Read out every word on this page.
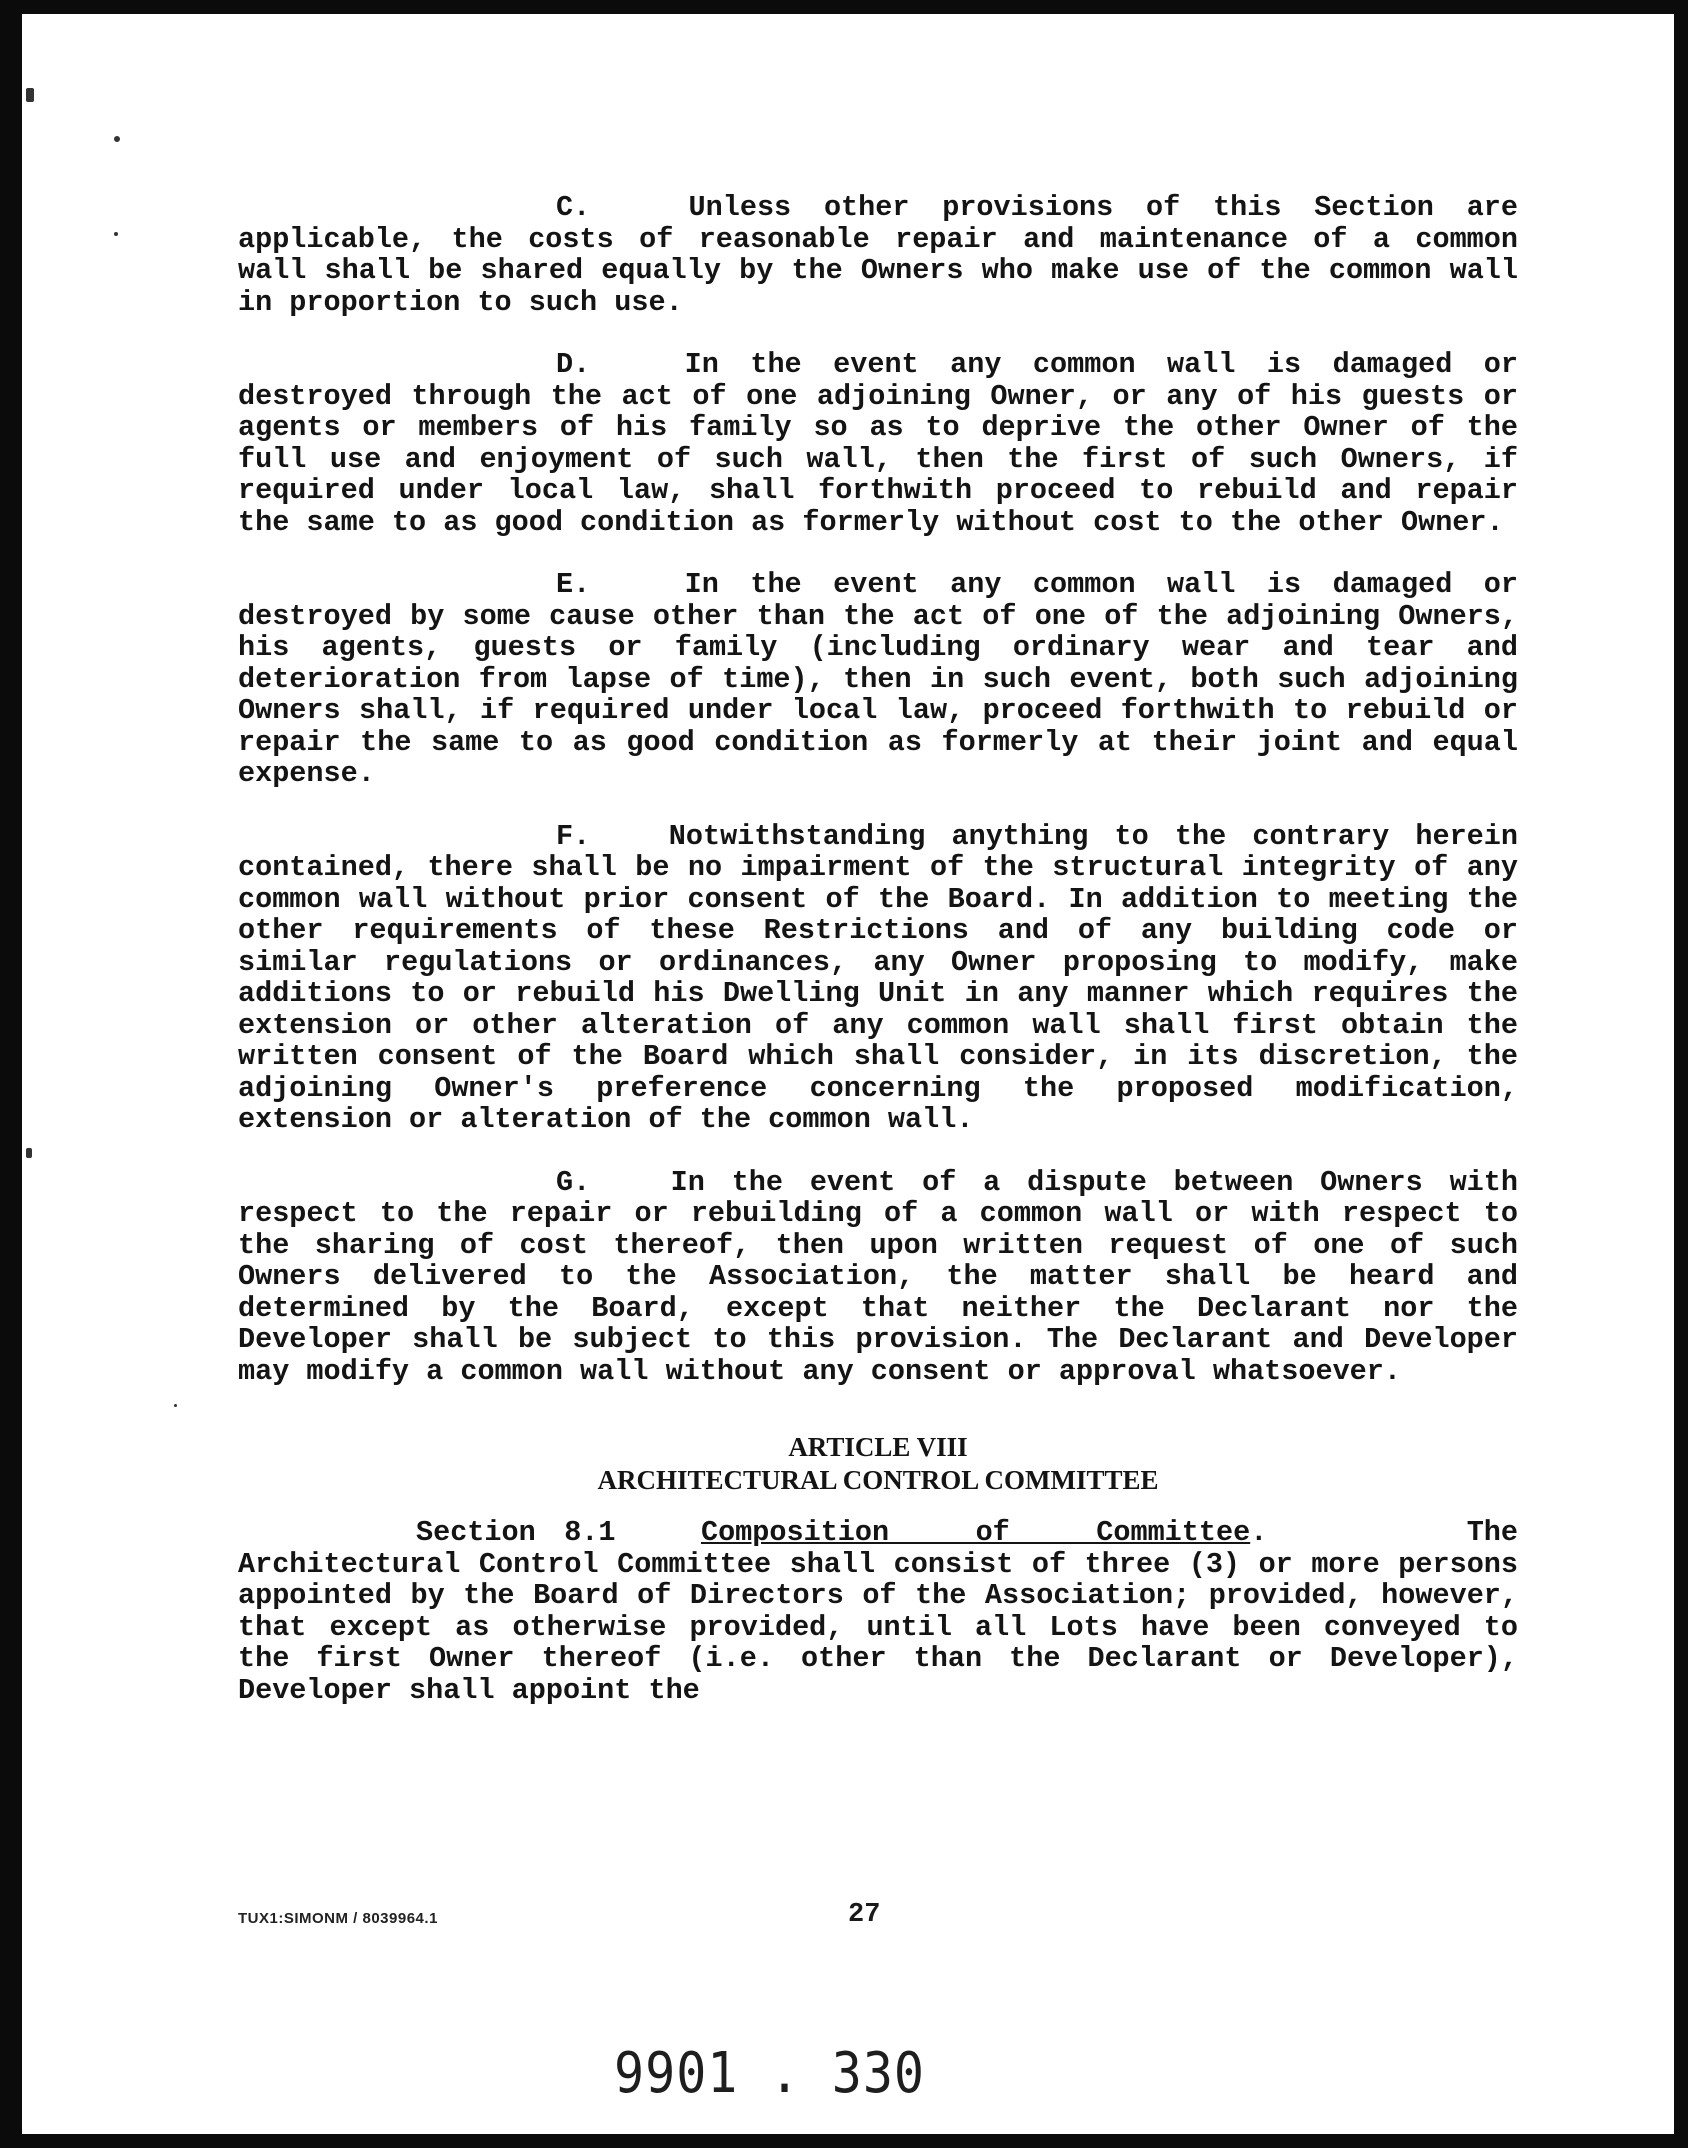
C.	Unless other provisions of this Section are applicable, the costs of reasonable repair and maintenance of a common wall shall be shared equally by the Owners who make use of the common wall in proportion to such use.

D.	In the event any common wall is damaged or destroyed through the act of one adjoining Owner, or any of his guests or agents or members of his family so as to deprive the other Owner of the full use and enjoyment of such wall, then the first of such Owners, if required under local law, shall forthwith proceed to rebuild and repair the same to as good condition as formerly without cost to the other Owner.

E.	In the event any common wall is damaged or destroyed by some cause other than the act of one of the adjoining Owners, his agents, guests or family (including ordinary wear and tear and deterioration from lapse of time), then in such event, both such adjoining Owners shall, if required under local law, proceed forthwith to rebuild or repair the same to as good condition as formerly at their joint and equal expense.

F.	Notwithstanding anything to the contrary herein contained, there shall be no impairment of the structural integrity of any common wall without prior consent of the Board. In addition to meeting the other requirements of these Restrictions and of any building code or similar regulations or ordinances, any Owner proposing to modify, make additions to or rebuild his Dwelling Unit in any manner which requires the extension or other alteration of any common wall shall first obtain the written consent of the Board which shall consider, in its discretion, the adjoining Owner's preference concerning the proposed modification, extension or alteration of the common wall.

G.	In the event of a dispute between Owners with respect to the repair or rebuilding of a common wall or with respect to the sharing of cost thereof, then upon written request of one of such Owners delivered to the Association, the matter shall be heard and determined by the Board, except that neither the Declarant nor the Developer shall be subject to this provision. The Declarant and Developer may modify a common wall without any consent or approval whatsoever.

ARTICLE VIII

ARCHITECTURAL CONTROL COMMITTEE

Section 8.1	Composition of Committee.       The Architectural Control Committee shall consist of three (3) or more persons appointed by the Board of Directors of the Association; provided, however, that except as otherwise provided, until all Lots have been conveyed to the first Owner thereof (i.e. other than the Declarant or Developer), Developer shall appoint the

TUX1:SIMONM / 8039964.1	27
9901 . 330
